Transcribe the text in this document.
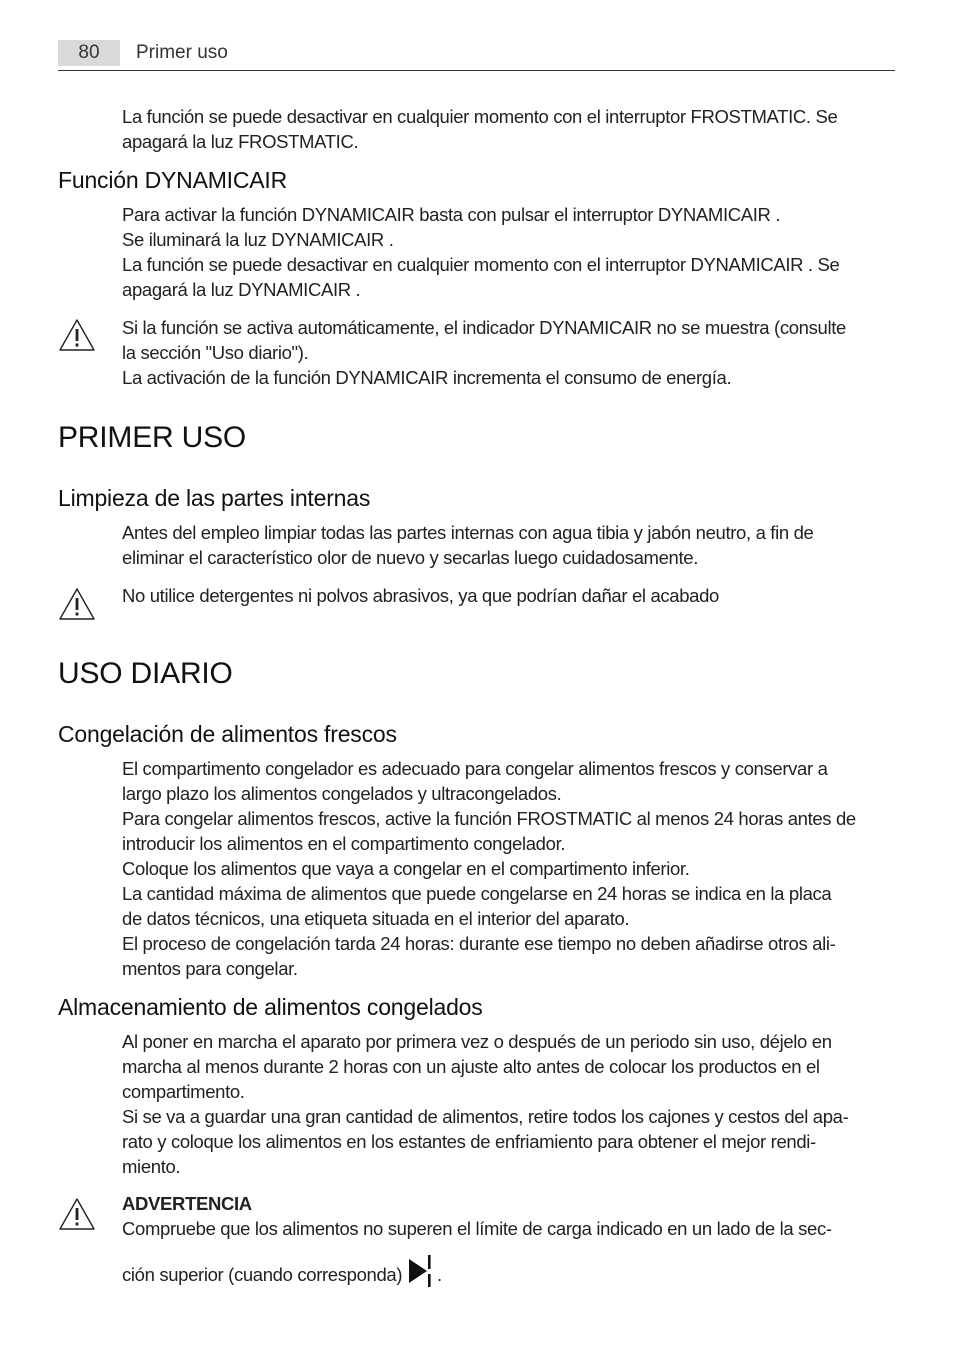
80	Primer uso
La función se puede desactivar en cualquier momento con el interruptor FROSTMATIC. Se
apagará la luz FROSTMATIC.
Función DYNAMICAIR
Para activar la función DYNAMICAIR basta con pulsar el interruptor DYNAMICAIR .
Se iluminará la luz DYNAMICAIR .
La función se puede desactivar en cualquier momento con el interruptor DYNAMICAIR . Se
apagará la luz DYNAMICAIR .
Si la función se activa automáticamente, el indicador DYNAMICAIR no se muestra (consulte
la sección "Uso diario").
La activación de la función DYNAMICAIR incrementa el consumo de energía.
PRIMER USO
Limpieza de las partes internas
Antes del empleo limpiar todas las partes internas con agua tibia y jabón neutro, a fin de
eliminar el característico olor de nuevo y secarlas luego cuidadosamente.
No utilice detergentes ni polvos abrasivos, ya que podrían dañar el acabado
USO DIARIO
Congelación de alimentos frescos
El compartimento congelador es adecuado para congelar alimentos frescos y conservar a
largo plazo los alimentos congelados y ultracongelados.
Para congelar alimentos frescos, active la función FROSTMATIC al menos 24 horas antes de
introducir los alimentos en el compartimento congelador.
Coloque los alimentos que vaya a congelar en el compartimento inferior.
La cantidad máxima de alimentos que puede congelarse en 24 horas se indica en la placa
de datos técnicos, una etiqueta situada en el interior del aparato.
El proceso de congelación tarda 24 horas: durante ese tiempo no deben añadirse otros ali-
mentos para congelar.
Almacenamiento de alimentos congelados
Al poner en marcha el aparato por primera vez o después de un periodo sin uso, déjelo en
marcha al menos durante 2 horas con un ajuste alto antes de colocar los productos en el
compartimento.
Si se va a guardar una gran cantidad de alimentos, retire todos los cajones y cestos del apa-
rato y coloque los alimentos en los estantes de enfriamiento para obtener el mejor rendi-
miento.
ADVERTENCIA
Compruebe que los alimentos no superen el límite de carga indicado en un lado de la sec-
ción superior (cuando corresponda) .
